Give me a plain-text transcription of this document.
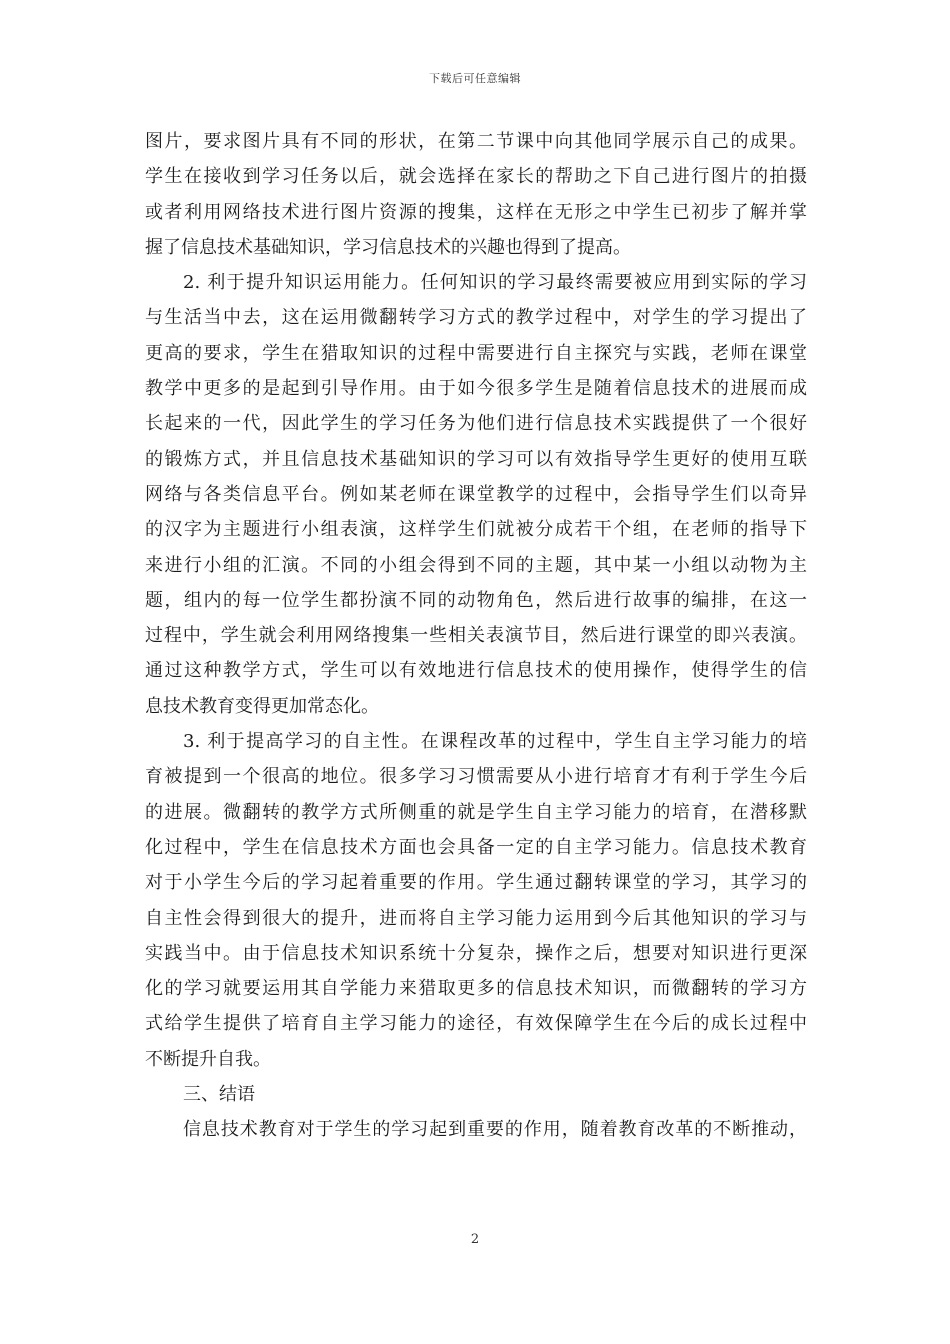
下载后可任意编辑
图片，要求图片具有不同的形状，在第二节课中向其他同学展示自己的成果。
学生在接收到学习任务以后，就会选择在家长的帮助之下自己进行图片的拍摄
或者利用网络技术进行图片资源的搜集，这样在无形之中学生已初步了解并掌
握了信息技术基础知识，学习信息技术的兴趣也得到了提高。
2. 利于提升知识运用能力。任何知识的学习最终需要被应用到实际的学习
与生活当中去，这在运用微翻转学习方式的教学过程中，对学生的学习提出了
更高的要求，学生在猎取知识的过程中需要进行自主探究与实践，老师在课堂
教学中更多的是起到引导作用。由于如今很多学生是随着信息技术的进展而成
长起来的一代，因此学生的学习任务为他们进行信息技术实践提供了一个很好
的锻炼方式，并且信息技术基础知识的学习可以有效指导学生更好的使用互联
网络与各类信息平台。例如某老师在课堂教学的过程中，会指导学生们以奇异
的汉字为主题进行小组表演，这样学生们就被分成若干个组，在老师的指导下
来进行小组的汇演。不同的小组会得到不同的主题，其中某一小组以动物为主
题，组内的每一位学生都扮演不同的动物角色，然后进行故事的编排，在这一
过程中，学生就会利用网络搜集一些相关表演节目，然后进行课堂的即兴表演。
通过这种教学方式，学生可以有效地进行信息技术的使用操作，使得学生的信
息技术教育变得更加常态化。
3. 利于提高学习的自主性。在课程改革的过程中，学生自主学习能力的培
育被提到一个很高的地位。很多学习习惯需要从小进行培育才有利于学生今后
的进展。微翻转的教学方式所侧重的就是学生自主学习能力的培育，在潜移默
化过程中，学生在信息技术方面也会具备一定的自主学习能力。信息技术教育
对于小学生今后的学习起着重要的作用。学生通过翻转课堂的学习，其学习的
自主性会得到很大的提升，进而将自主学习能力运用到今后其他知识的学习与
实践当中。由于信息技术知识系统十分复杂，操作之后，想要对知识进行更深
化的学习就要运用其自学能力来猎取更多的信息技术知识，而微翻转的学习方
式给学生提供了培育自主学习能力的途径，有效保障学生在今后的成长过程中
不断提升自我。
三、结语
信息技术教育对于学生的学习起到重要的作用，随着教育改革的不断推动，
2
